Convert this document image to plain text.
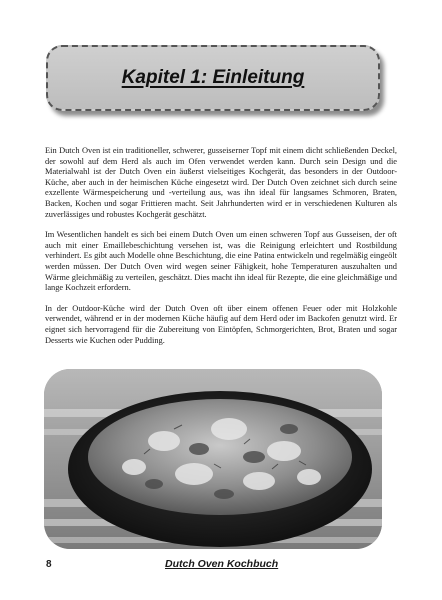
Kapitel 1: Einleitung

Ein Dutch Oven ist ein traditioneller, schwerer, gusseiserner Topf mit einem dicht schließenden Deckel, der sowohl auf dem Herd als auch im Ofen verwendet werden kann. Durch sein Design und die Materialwahl ist der Dutch Oven ein äußerst vielseitiges Kochgerät, das besonders in der Outdoor-Küche, aber auch in der heimischen Küche eingesetzt wird. Der Dutch Oven zeichnet sich durch seine exzellente Wärmespeicherung und -verteilung aus, was ihn ideal für langsames Schmoren, Braten, Backen, Kochen und sogar Frittieren macht. Seit Jahrhunderten wird er in verschiedenen Kulturen als zuverlässiges und robustes Kochgerät geschätzt.

Im Wesentlichen handelt es sich bei einem Dutch Oven um einen schweren Topf aus Gusseisen, der oft auch mit einer Emaillebeschichtung versehen ist, was die Reinigung erleichtert und Rostbildung verhindert. Es gibt auch Modelle ohne Beschichtung, die eine Patina entwickeln und regelmäßig eingeölt werden müssen. Der Dutch Oven wird wegen seiner Fähigkeit, hohe Temperaturen auszuhalten und Wärme gleichmäßig zu verteilen, geschätzt. Dies macht ihn ideal für Rezepte, die eine gleichmäßige und lange Kochzeit erfordern.

In der Outdoor-Küche wird der Dutch Oven oft über einem offenen Feuer oder mit Holzkohle verwendet, während er in der modernen Küche häufig auf dem Herd oder im Backofen genutzt wird. Er eignet sich hervorragend für die Zubereitung von Eintöpfen, Schmorgerichten, Brot, Braten und sogar Desserts wie Kuchen oder Pudding.

8	Dutch Oven Kochbuch
